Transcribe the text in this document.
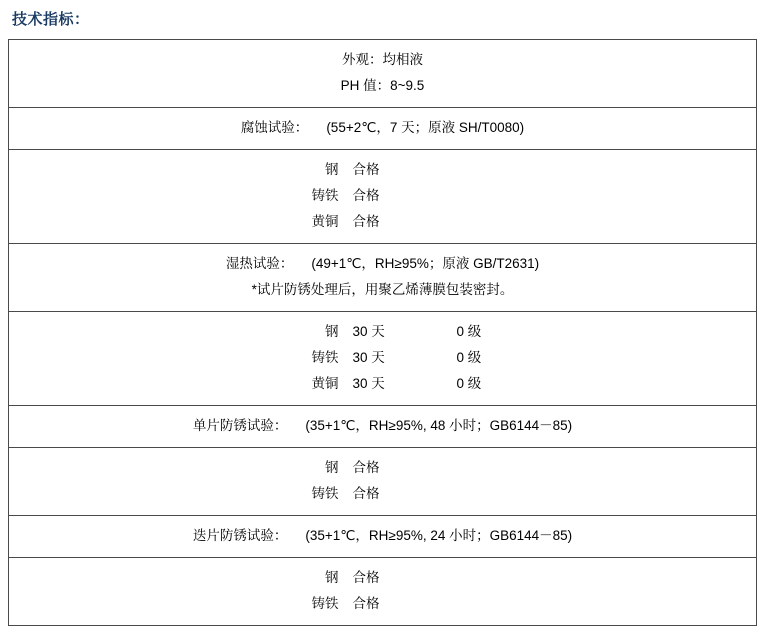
技术指标：
外观：均相液
PH 值：8~9.5

腐蚀试验：	(55+2℃，7 天；原液 SH/T0080)

钢	合格
铸铁	合格
黄铜	合格

湿热试验：	(49+1℃，RH≥95%；原液 GB/T2631)
*试片防锈处理后，用聚乙烯薄膜包装密封。

钢	30 天	0 级
铸铁	30 天	0 级
黄铜	30 天	0 级

单片防锈试验：	(35+1℃，RH≥95%, 48 小时；GB6144－85)

钢	合格
铸铁	合格

迭片防锈试验：	(35+1℃，RH≥95%, 24 小时；GB6144－85)

钢	合格
铸铁	合格
